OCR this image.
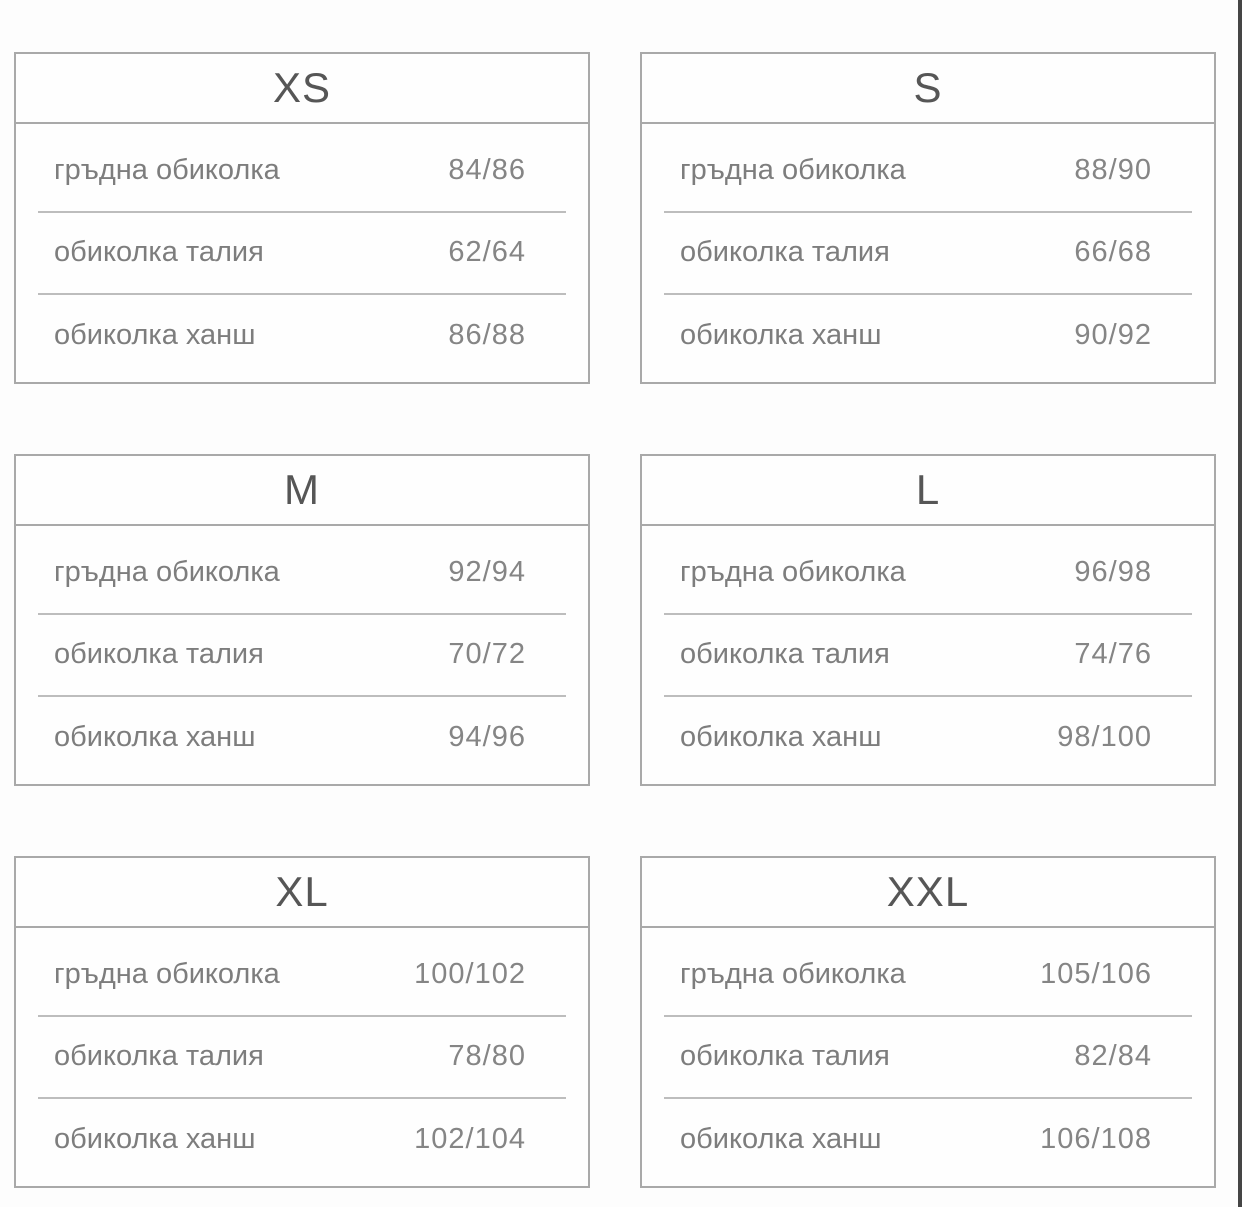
XS
гръдна обиколка	84/86
обиколка талия	62/64
обиколка ханш	86/88
S
гръдна обиколка	88/90
обиколка талия	66/68
обиколка ханш	90/92
M
гръдна обиколка	92/94
обиколка талия	70/72
обиколка ханш	94/96
L
гръдна обиколка	96/98
обиколка талия	74/76
обиколка ханш	98/100
XL
гръдна обиколка	100/102
обиколка талия	78/80
обиколка ханш	102/104
XXL
гръдна обиколка	105/106
обиколка талия	82/84
обиколка ханш	106/108
